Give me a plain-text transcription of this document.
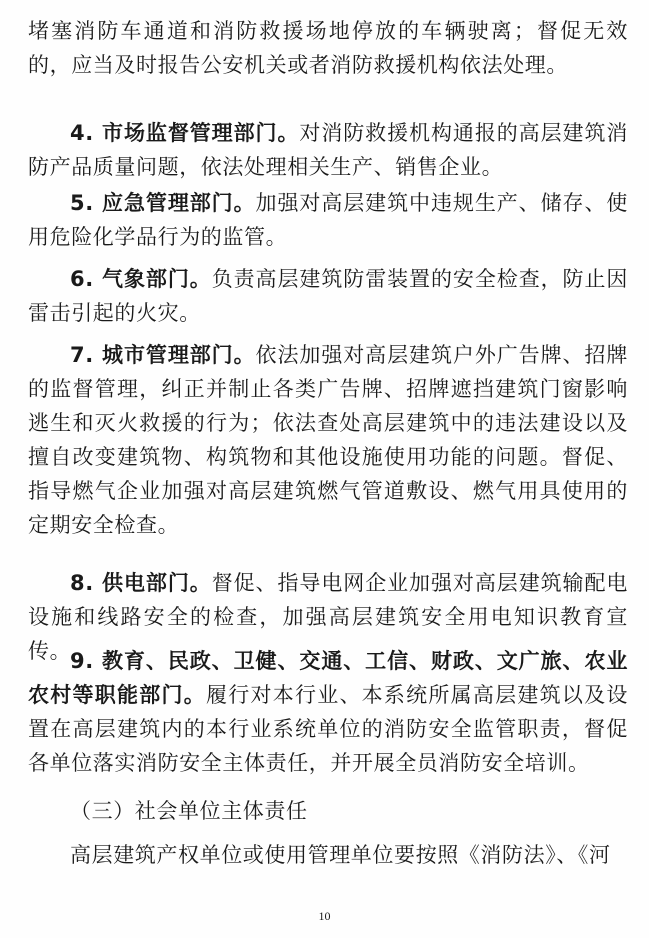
堵塞消防车通道和消防救援场地停放的车辆驶离；督促无效的，应当及时报告公安机关或者消防救援机构依法处理。

4. 市场监督管理部门。对消防救援机构通报的高层建筑消防产品质量问题，依法处理相关生产、销售企业。

5. 应急管理部门。加强对高层建筑中违规生产、储存、使用危险化学品行为的监管。

6. 气象部门。负责高层建筑防雷装置的安全检查，防止因雷击引起的火灾。

7. 城市管理部门。依法加强对高层建筑户外广告牌、招牌的监督管理，纠正并制止各类广告牌、招牌遮挡建筑门窗影响逃生和灭火救援的行为；依法查处高层建筑中的违法建设以及擅自改变建筑物、构筑物和其他设施使用功能的问题。督促、指导燃气企业加强对高层建筑燃气管道敷设、燃气用具使用的定期安全检查。

8. 供电部门。督促、指导电网企业加强对高层建筑输配电设施和线路安全的检查，加强高层建筑安全用电知识教育宣传。

9. 教育、民政、卫健、交通、工信、财政、文广旅、农业农村等职能部门。履行对本行业、本系统所属高层建筑以及设置在高层建筑内的本行业系统单位的消防安全监管职责，督促各单位落实消防安全主体责任，并开展全员消防安全培训。

（三）社会单位主体责任

高层建筑产权单位或使用管理单位要按照《消防法》、《河

10
